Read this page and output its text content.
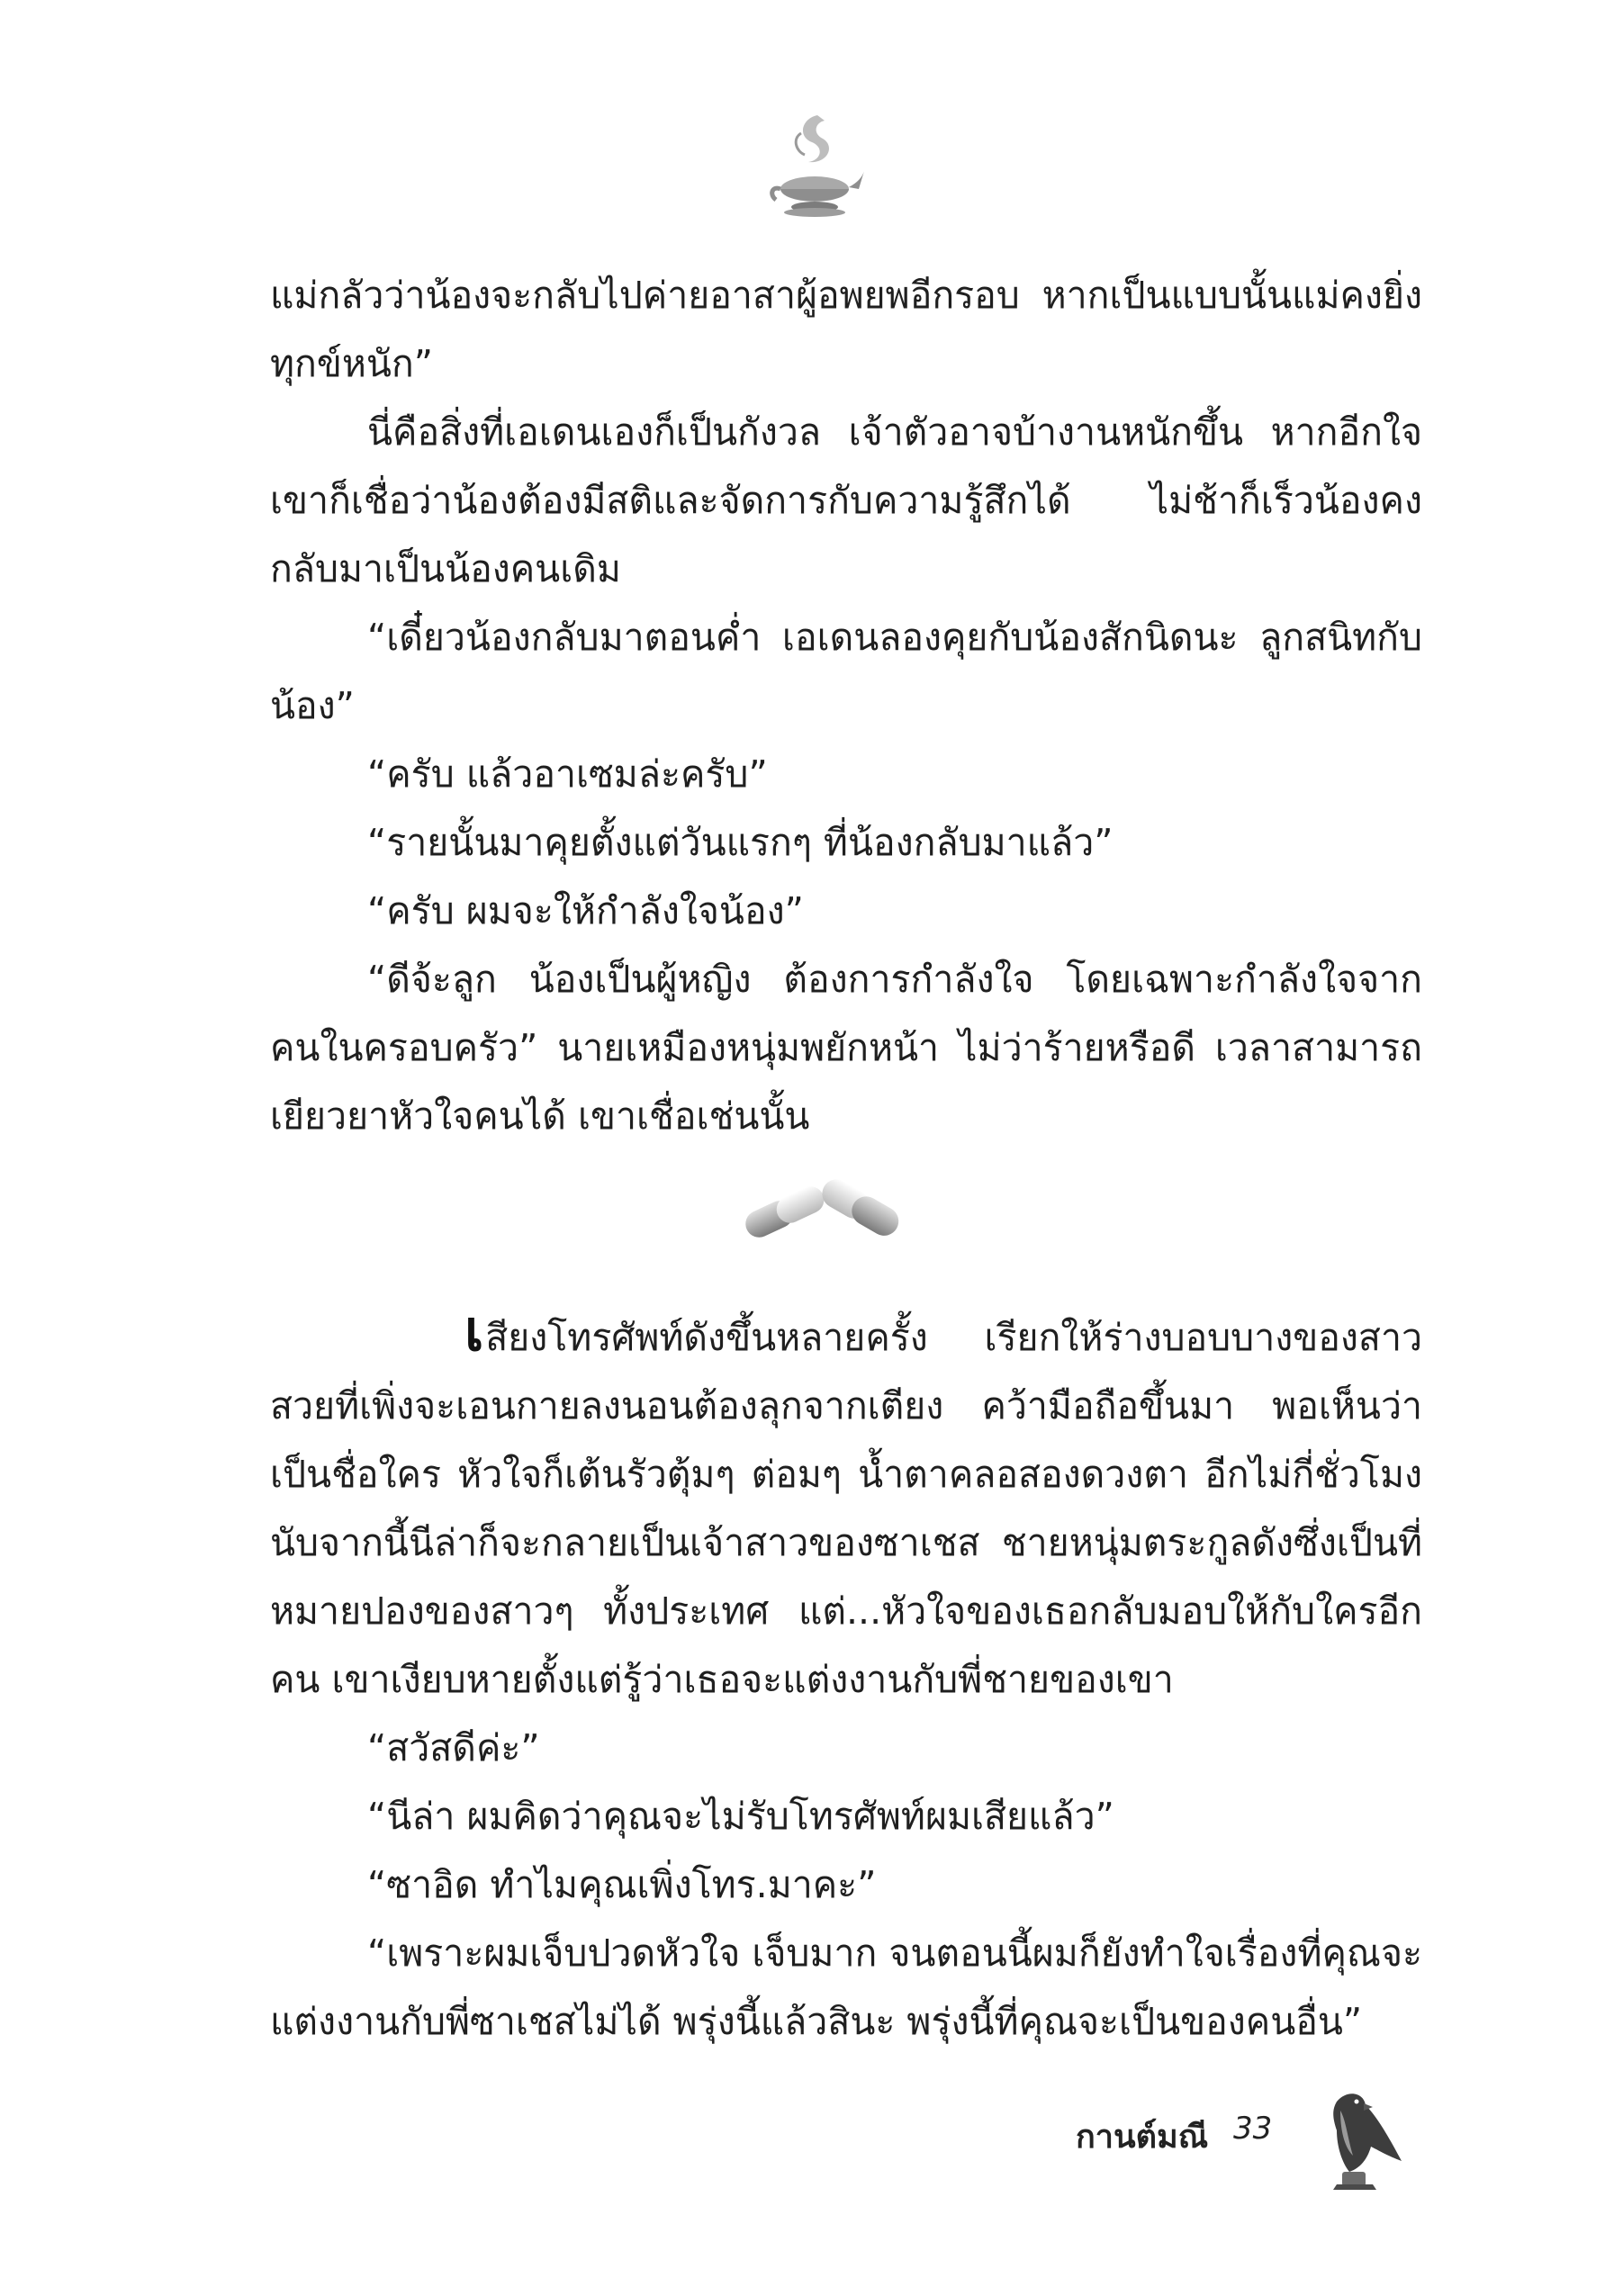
แม่กลัวว่าน้องจะกลับไปค่ายอาสาผู้อพยพอีกรอบ หากเป็นแบบนั้นแม่คงยิ่งทุกข์หนัก”

นี่คือสิ่งที่เอเดนเองก็เป็นกังวล เจ้าตัวอาจบ้างานหนักขึ้น หากอีกใจเขาก็เชื่อว่าน้องต้องมีสติและจัดการกับความรู้สึกได้ ไม่ช้าก็เร็วน้องคงกลับมาเป็นน้องคนเดิม

“เดี๋ยวน้องกลับมาตอนค่ำ เอเดนลองคุยกับน้องสักนิดนะ ลูกสนิทกับน้อง”

“ครับ แล้วอาเซมล่ะครับ”

“รายนั้นมาคุยตั้งแต่วันแรกๆ ที่น้องกลับมาแล้ว”

“ครับ ผมจะให้กำลังใจน้อง”

“ดีจ้ะลูก น้องเป็นผู้หญิง ต้องการกำลังใจ โดยเฉพาะกำลังใจจากคนในครอบครัว” นายเหมืองหนุ่มพยักหน้า ไม่ว่าร้ายหรือดี เวลาสามารถเยียวยาหัวใจคนได้ เขาเชื่อเช่นนั้น

เสียงโทรศัพท์ดังขึ้นหลายครั้ง เรียกให้ร่างบอบบางของสาวสวยที่เพิ่งจะเอนกายลงนอนต้องลุกจากเตียง คว้ามือถือขึ้นมา พอเห็นว่าเป็นชื่อใคร หัวใจก็เต้นรัวตุ้มๆ ต่อมๆ น้ำตาคลอสองดวงตา อีกไม่กี่ชั่วโมงนับจากนี้นีล่าก็จะกลายเป็นเจ้าสาวของซาเชส ชายหนุ่มตระกูลดังซึ่งเป็นที่หมายปองของสาวๆ ทั้งประเทศ แต่...หัวใจของเธอกลับมอบให้กับใครอีกคน เขาเงียบหายตั้งแต่รู้ว่าเธอจะแต่งงานกับพี่ชายของเขา

“สวัสดีค่ะ”

“นีล่า ผมคิดว่าคุณจะไม่รับโทรศัพท์ผมเสียแล้ว”

“ซาอิด ทำไมคุณเพิ่งโทร.มาคะ”

“เพราะผมเจ็บปวดหัวใจ เจ็บมาก จนตอนนี้ผมก็ยังทำใจเรื่องที่คุณจะแต่งงานกับพี่ซาเชสไม่ได้ พรุ่งนี้แล้วสินะ พรุ่งนี้ที่คุณจะเป็นของคนอื่น”

กานต์มณี 33
